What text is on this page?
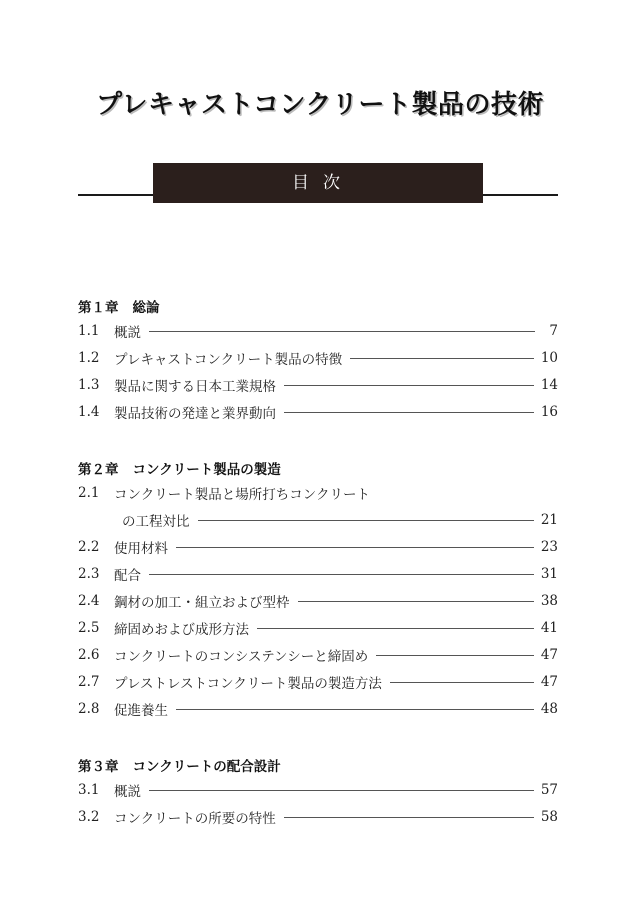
プレキャストコンクリート製品の技術
目次
第１章 総論
1.1	概説	7
1.2	プレキャストコンクリート製品の特徴	10
1.3	製品に関する日本工業規格	14
1.4	製品技術の発達と業界動向	16
第２章 コンクリート製品の製造
2.1	コンクリート製品と場所打ちコンクリート
の工程対比	21
2.2	使用材料	23
2.3	配合	31
2.4	鋼材の加工・組立および型枠	38
2.5	締固めおよび成形方法	41
2.6	コンクリートのコンシステンシーと締固め	47
2.7	プレストレストコンクリート製品の製造方法	47
2.8	促進養生	48
第３章 コンクリートの配合設計
3.1	概説	57
3.2	コンクリートの所要の特性	58
